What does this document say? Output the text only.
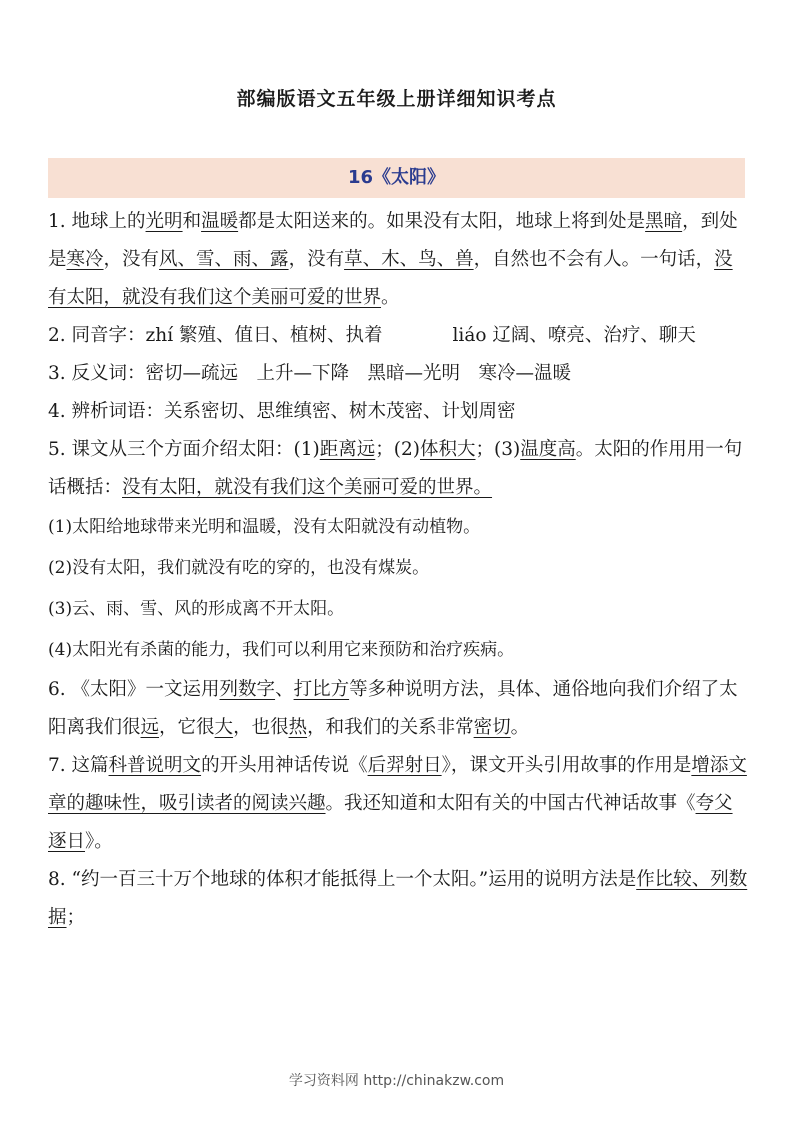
部编版语文五年级上册详细知识考点
16《太阳》

1. 地球上的光明和温暖都是太阳送来的。如果没有太阳，地球上将到处是黑暗，到处是寒冷，没有风、雪、雨、露，没有草、木、鸟、兽，自然也不会有人。一句话，没有太阳，就没有我们这个美丽可爱的世界。

2. 同音字：zhí 繁殖、值日、植树、执着	liáo 辽阔、嘹亮、治疗、聊天

3. 反义词：密切—疏远　上升—下降　黑暗—光明　寒冷—温暖

4. 辨析词语：关系密切、思维缜密、树木茂密、计划周密

5. 课文从三个方面介绍太阳：(1)距离远；(2)体积大；(3)温度高。太阳的作用用一句话概括：没有太阳，就没有我们这个美丽可爱的世界。

(1)太阳给地球带来光明和温暖，没有太阳就没有动植物。

(2)没有太阳，我们就没有吃的穿的，也没有煤炭。

(3)云、雨、雪、风的形成离不开太阳。

(4)太阳光有杀菌的能力，我们可以利用它来预防和治疗疾病。

6. 《太阳》一文运用列数字、打比方等多种说明方法，具体、通俗地向我们介绍了太阳离我们很远，它很大，也很热，和我们的关系非常密切。

7. 这篇科普说明文的开头用神话传说《后羿射日》，课文开头引用故事的作用是增添文章的趣味性，吸引读者的阅读兴趣。我还知道和太阳有关的中国古代神话故事《夸父逐日》。

8. “约一百三十万个地球的体积才能抵得上一个太阳。”运用的说明方法是作比较、列数据；

学习资料网 http://chinakzw.com
